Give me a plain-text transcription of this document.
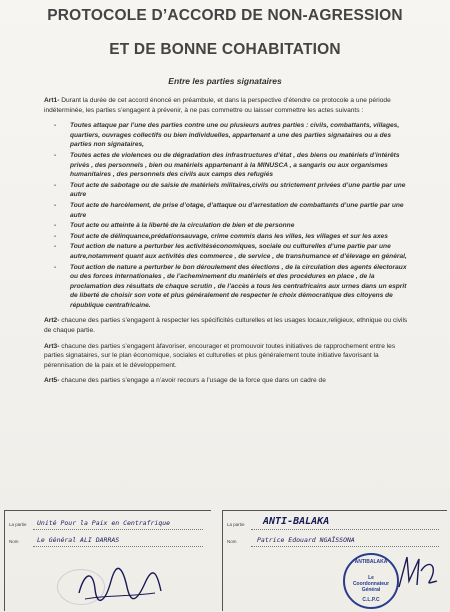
PROTOCOLE D’ACCORD DE NON-AGRESSION
ET DE BONNE COHABITATION
Entre les parties signataires

Art1- Durant la durée de cet accord énoncé en préambule, et dans la perspective d’étendre ce protocole a une période indéterminée, les parties s’engagent à prévenir, à ne pas commettre ou laisser commettre les actes suivants :

- Toutes attaque par l’une des parties contre une ou plusieurs autres parties : civils, combattants, villages, quartiers, ouvrages collectifs ou bien individuelles, appartenant a une des parties signataires ou a des parties non signataires,
- Toutes actes de violences ou de dégradation des infrastructures d’état , des biens ou matériels d’intérêts privés , des personnels , bien ou matériels appartenant à la MINUSCA , a sangaris ou aux organismes humanitaires , des personnels des civils aux camps des refugiés
- Tout acte de sabotage ou de saisie de matériels militaires,civils ou strictement privées d’une partie par une autre
- Tout acte de harcèlement, de prise d’otage, d’attaque ou d’arrestation de combattants d’une partie par une autre
- Tout acte ou atteinte à la liberté de la circulation de bien et de personne
- Tout acte de délinquance,prédationsauvage, crime commis dans les villes, les villages et sur les axes
- Tout action de nature a perturber les activitéséconomiques, sociale ou culturelles d’une partie par une autre,notamment quant aux activités des commerce , de service , de transhumance et d’élevage en général,
- Tout action de nature a perturber le bon déroulement des élections , de la circulation des agents électoraux ou des forces internationales , de l’acheminement du matériels et des procédures en place , de la proclamation des résultats de chaque scrutin , de l’accès a tous les centrafricains aux urnes dans un esprit de liberté de choisir son vote et plus généralement de respecter le choix démocratique des citoyens de république centrafricaine.

Art2- chacune des parties s’engagent à respecter les spécificités culturelles et les usages locaux,religieux, ethnique ou civils de chaque partie.

Art3- chacune des parties s’engagent àfavoriser, encourager et promouvoir toutes initiatives de rapprochement entre les parties signataires, sur le plan économique, sociales et culturelles et plus généralement toute initiative favorisant la pérennisation de la paix et le développement.

Art5- chacune des parties s’engage a n’avoir recours a l’usage de la force que dans un cadre de

La partie Unité Pour la Paix en Centrafrique
Nom	Le Général ALI DARRAS
La partie ANTI-BALAKA
Nom	Patrice Edouard NGAÏSSONA
ANTIBALAKA
Le Coordonnateur Général
C.L.P.C
